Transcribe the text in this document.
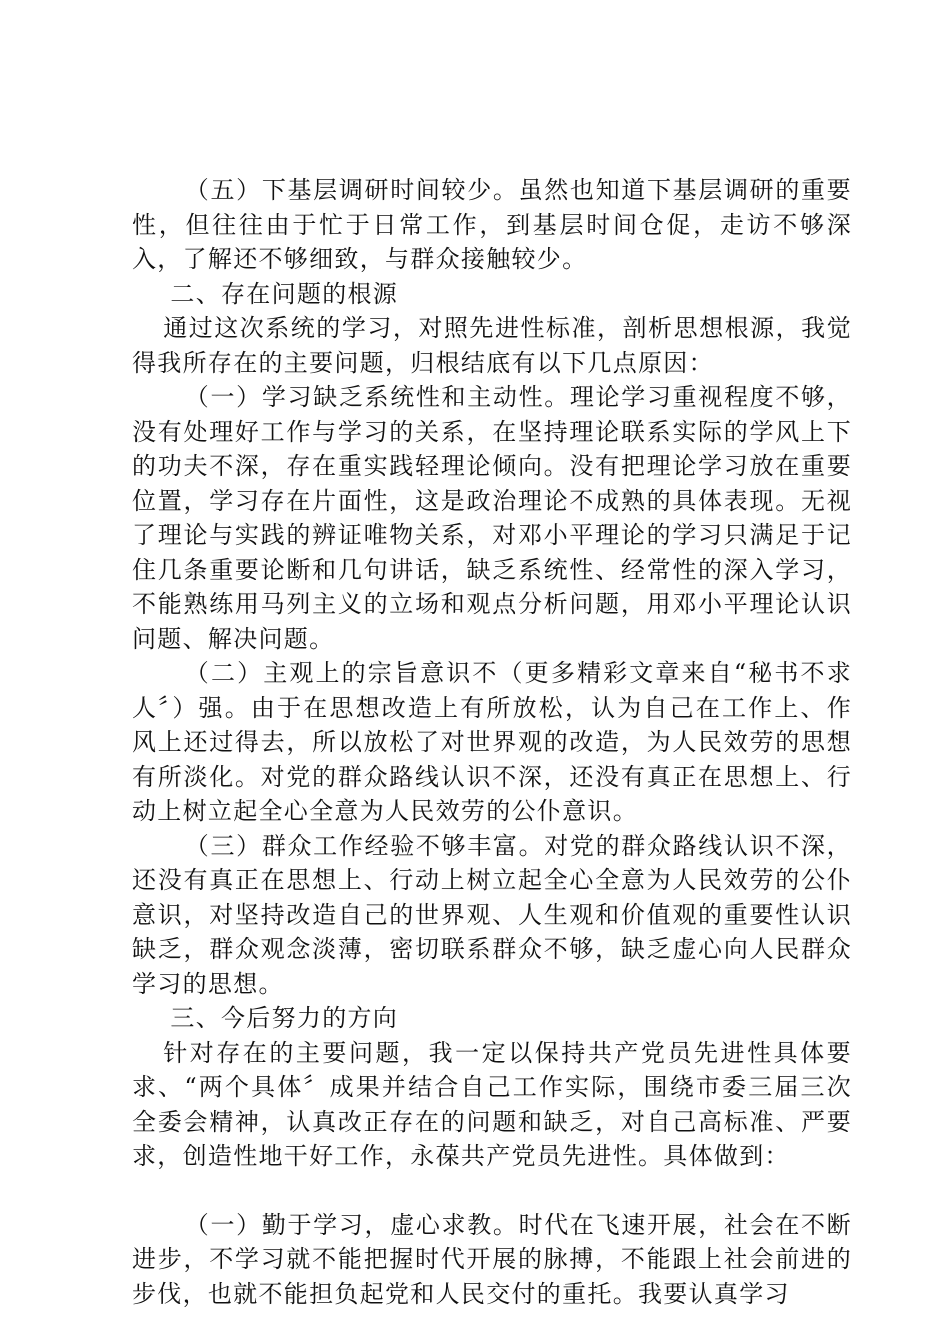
（五）下基层调研时间较少。虽然也知道下基层调研的重要性，但往往由于忙于日常工作，到基层时间仓促，走访不够深入，了解还不够细致，与群众接触较少。

二、存在问题的根源

通过这次系统的学习，对照先进性标准，剖析思想根源，我觉得我所存在的主要问题，归根结底有以下几点原因：

（一）学习缺乏系统性和主动性。理论学习重视程度不够，没有处理好工作与学习的关系，在坚持理论联系实际的学风上下的功夫不深，存在重实践轻理论倾向。没有把理论学习放在重要位置，学习存在片面性，这是政治理论不成熟的具体表现。无视了理论与实践的辨证唯物关系，对邓小平理论的学习只满足于记住几条重要论断和几句讲话，缺乏系统性、经常性的深入学习，不能熟练用马列主义的立场和观点分析问题，用邓小平理论认识问题、解决问题。

（二）主观上的宗旨意识不（更多精彩文章来自“秘书不求人〞）强。由于在思想改造上有所放松，认为自己在工作上、作风上还过得去，所以放松了对世界观的改造，为人民效劳的思想有所淡化。对党的群众路线认识不深，还没有真正在思想上、行动上树立起全心全意为人民效劳的公仆意识。

（三）群众工作经验不够丰富。对党的群众路线认识不深，还没有真正在思想上、行动上树立起全心全意为人民效劳的公仆意识，对坚持改造自己的世界观、人生观和价值观的重要性认识缺乏，群众观念淡薄，密切联系群众不够，缺乏虚心向人民群众学习的思想。

三、今后努力的方向

针对存在的主要问题，我一定以保持共产党员先进性具体要求、“两个具体〞成果并结合自己工作实际，围绕市委三届三次全委会精神，认真改正存在的问题和缺乏，对自己高标准、严要求，创造性地干好工作，永葆共产党员先进性。具体做到：

（一）勤于学习，虚心求教。时代在飞速开展，社会在不断进步，不学习就不能把握时代开展的脉搏，不能跟上社会前进的步伐，也就不能担负起党和人民交付的重托。我要认真学习
